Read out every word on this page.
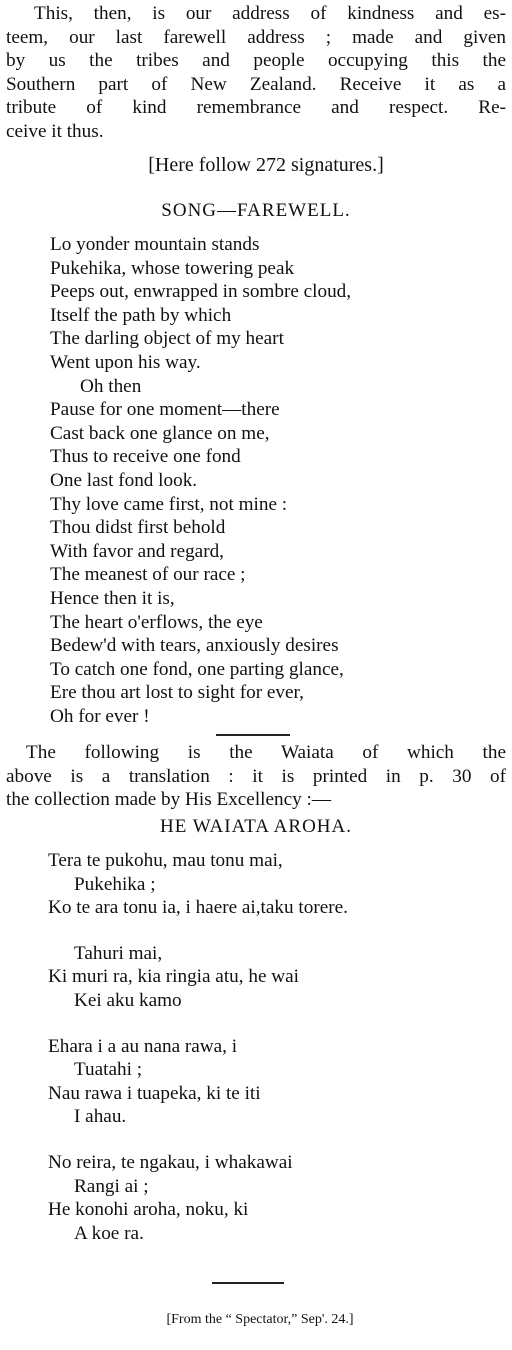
This, then, is our address of kindness and es-
teem, our last farewell address ; made and given
by us the tribes and people occupying this the
Southern part of New Zealand. Receive it as a
tribute of kind remembrance and respect. Re-
ceive it thus.
[Here follow 272 signatures.]
SONG—FAREWELL.
Lo yonder mountain stands
Pukehika, whose towering peak
Peeps out, enwrapped in sombre cloud,
Itself the path by which
The darling object of my heart
Went upon his way.
Oh then
Pause for one moment—there
Cast back one glance on me,
Thus to receive one fond
One last fond look.
Thy love came first, not mine :
Thou didst first behold
With favor and regard,
The meanest of our race ;
Hence then it is,
The heart o'erflows, the eye
Bedew'd with tears, anxiously desires
To catch one fond, one parting glance,
Ere thou art lost to sight for ever,
Oh for ever !
The following is the Waiata of which the
above is a translation : it is printed in p. 30 of
the collection made by His Excellency :—
HE WAIATA AROHA.
Tera te pukohu, mau tonu mai,
Pukehika ;
Ko te ara tonu ia, i haere ai,taku torere.
Tahuri mai,
Ki muri ra, kia ringia atu, he wai
Kei aku kamo
Ehara i a au nana rawa, i
Tuatahi ;
Nau rawa i tuapeka, ki te iti
I ahau.
No reira, te ngakau, i whakawai
Rangi ai ;
He konohi aroha, noku, ki
A koe ra.
[From the “ Spectator,” Sep'. 24.]
